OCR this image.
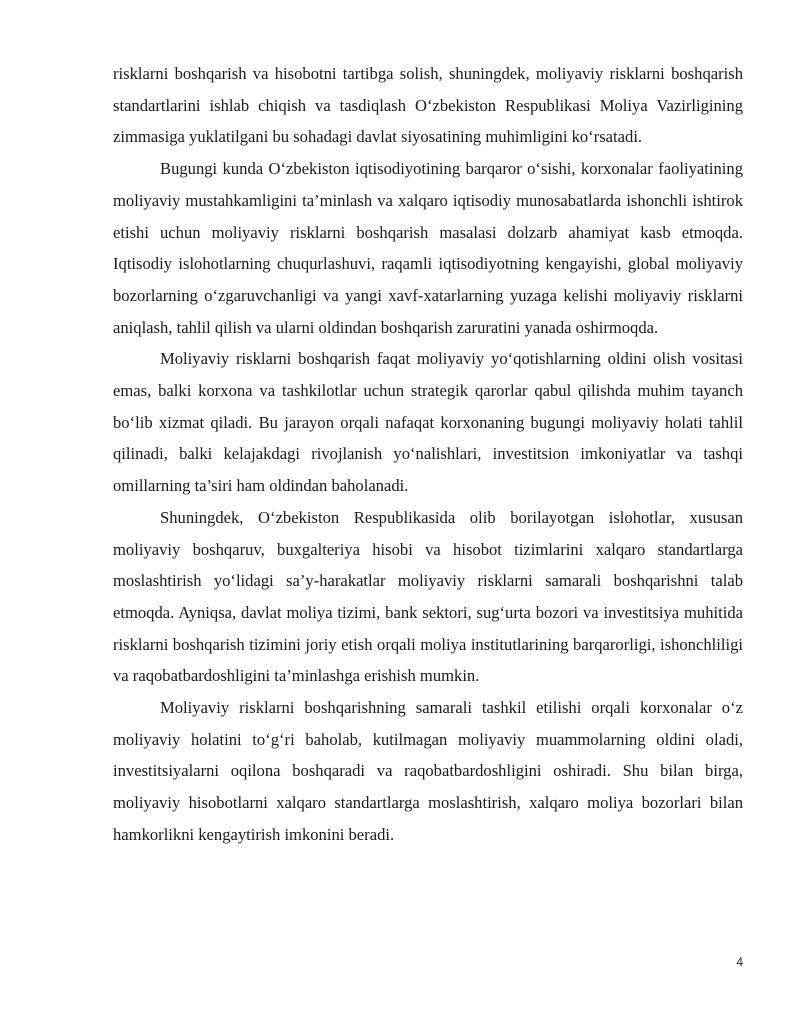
risklarni boshqarish va hisobotni tartibga solish, shuningdek, moliyaviy risklarni boshqarish standartlarini ishlab chiqish va tasdiqlash O‘zbekiston Respublikasi Moliya Vazirligining zimmasiga yuklatilgani bu sohadagi davlat siyosatining muhimligini ko‘rsatadi.

Bugungi kunda O‘zbekiston iqtisodiyotining barqaror o‘sishi, korxonalar faoliyatining moliyaviy mustahkamligini ta’minlash va xalqaro iqtisodiy munosabatlarda ishonchli ishtirok etishi uchun moliyaviy risklarni boshqarish masalasi dolzarb ahamiyat kasb etmoqda. Iqtisodiy islohotlarning chuqurlashuvi, raqamli iqtisodiyotning kengayishi, global moliyaviy bozorlarning o‘zgaruvchanligi va yangi xavf-xatarlarning yuzaga kelishi moliyaviy risklarni aniqlash, tahlil qilish va ularni oldindan boshqarish zaruratini yanada oshirmoqda.

Moliyaviy risklarni boshqarish faqat moliyaviy yo‘qotishlarning oldini olish vositasi emas, balki korxona va tashkilotlar uchun strategik qarorlar qabul qilishda muhim tayanch bo‘lib xizmat qiladi. Bu jarayon orqali nafaqat korxonaning bugungi moliyaviy holati tahlil qilinadi, balki kelajakdagi rivojlanish yo‘nalishlari, investitsion imkoniyatlar va tashqi omillarning ta’siri ham oldindan baholanadi.

Shuningdek, O‘zbekiston Respublikasida olib borilayotgan islohotlar, xususan moliyaviy boshqaruv, buxgalteriya hisobi va hisobot tizimlarini xalqaro standartlarga moslashtirish yo‘lidagi sa’y-harakatlar moliyaviy risklarni samarali boshqarishni talab etmoqda. Ayniqsa, davlat moliya tizimi, bank sektori, sug‘urta bozori va investitsiya muhitida risklarni boshqarish tizimini joriy etish orqali moliya institutlarining barqarorligi, ishonchliligi va raqobatbardoshligini ta’minlashga erishish mumkin.

Moliyaviy risklarni boshqarishning samarali tashkil etilishi orqali korxonalar o‘z moliyaviy holatini to‘g‘ri baholab, kutilmagan moliyaviy muammolarning oldini oladi, investitsiyalarni oqilona boshqaradi va raqobatbardoshligini oshiradi. Shu bilan birga, moliyaviy hisobotlarni xalqaro standartlarga moslashtirish, xalqaro moliya bozorlari bilan hamkorlikni kengaytirish imkonini beradi.

4
